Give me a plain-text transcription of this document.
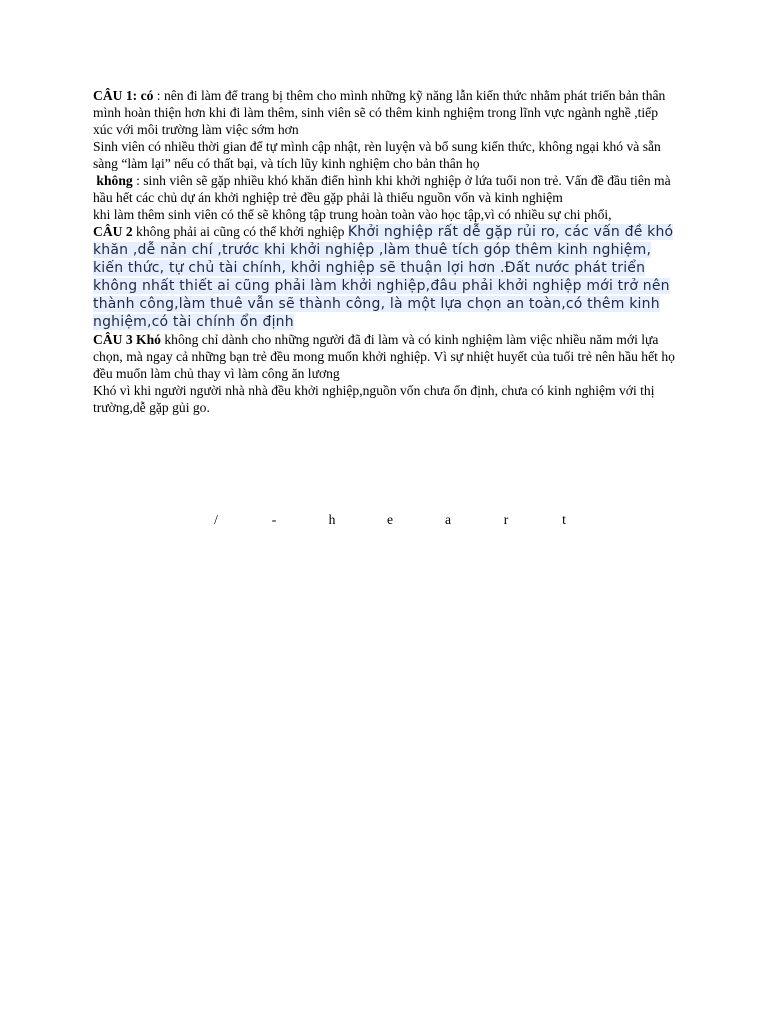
CÂU 1: có : nên đi làm để trang bị thêm cho mình những kỹ năng lẫn kiến thức nhằm phát triển bản thân mình hoàn thiện hơn khi đi làm thêm, sinh viên sẽ có thêm kinh nghiệm trong lĩnh vực ngành nghề ,tiếp xúc với môi trường làm việc sớm hơn

Sinh viên có nhiều thời gian để tự mình cập nhật, rèn luyện và bổ sung kiến thức, không ngại khó và sẵn sàng “làm lại” nếu có thất bại, và tích lũy kinh nghiệm cho bản thân họ

không : sinh viên sẽ gặp nhiều khó khăn điển hình khi khởi nghiệp ở lứa tuổi non trẻ. Vấn đề đầu tiên mà hầu hết các chủ dự án khởi nghiệp trẻ đều gặp phải là thiếu nguồn vốn và kinh nghiệm

khi làm thêm sinh viên có thể sẽ không tập trung hoàn toàn vào học tập,vì có nhiều sự chi phối,

CÂU 2 không phải ai cũng có thể khởi nghiệp Khởi nghiệp rất dễ gặp rủi ro, các vấn đề khó khăn ,dễ nản chí ,trước khi khởi nghiệp ,làm thuê tích góp thêm kinh nghiệm, kiến thức, tự chủ tài chính, khởi nghiệp sẽ thuận lợi hơn .Đất nước phát triển không nhất thiết ai cũng phải làm khởi nghiệp,đâu phải khởi nghiệp mới trở nên thành công,làm thuê vẫn sẽ thành công, là một lựa chọn an toàn,có thêm kinh nghiệm,có tài chính ổn định

CÂU 3 Khó không chỉ dành cho những người đã đi làm và có kinh nghiệm làm việc nhiều năm mới lựa chọn, mà ngay cả những bạn trẻ đều mong muốn khởi nghiệp. Vì sự nhiệt huyết của tuổi trẻ nên hầu hết họ đều muốn làm chủ thay vì làm công ăn lương

Khó vì khi người người nhà nhà đều khởi nghiệp,nguồn vốn chưa ổn định, chưa có kinh nghiệm với thị trường,dễ gặp gủi go.

/	-	h	e	a	r	t
